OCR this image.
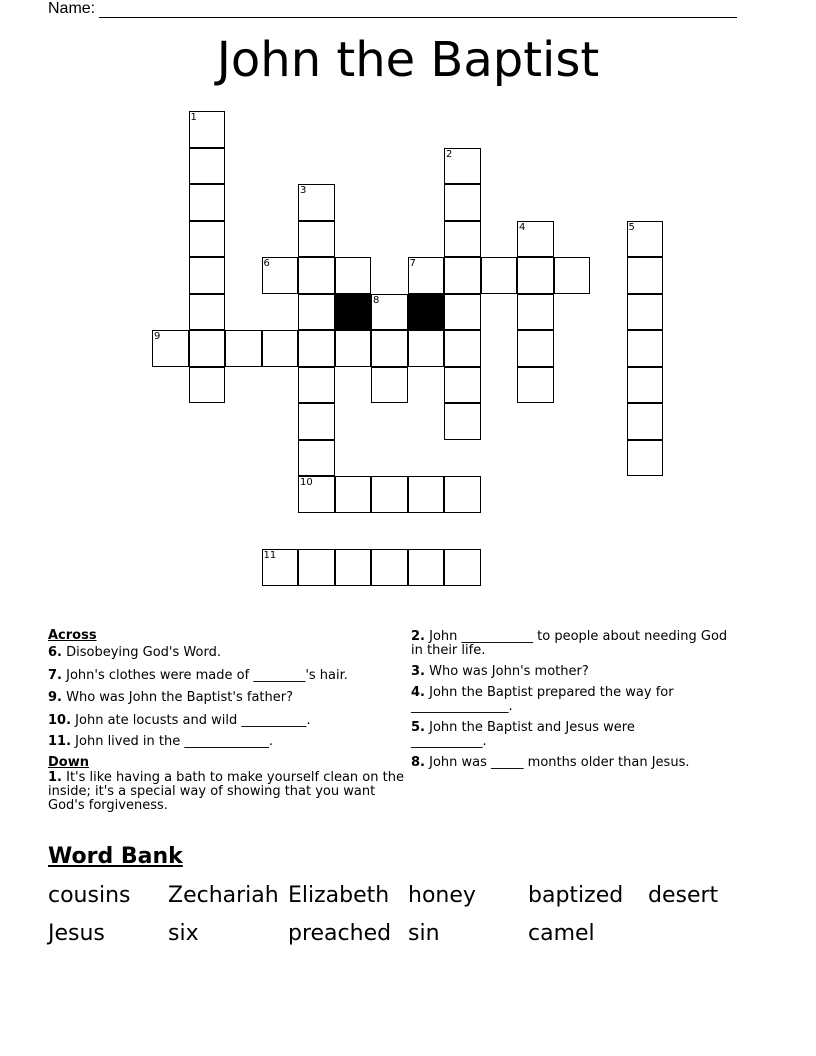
Name:
John the Baptist
1
2
3
4	5
6	7
8
9
10
11
Across
6. Disobeying God's Word.
7. John's clothes were made of ________'s hair.
9. Who was John the Baptist's father?
10. John ate locusts and wild __________.
11. John lived in the _____________.
Down
1. It's like having a bath to make yourself clean on the inside; it's a special way of showing that you want God's forgiveness.
2. John ___________ to people about needing God in their life.
3. Who was John's mother?
4. John the Baptist prepared the way for _______________.
5. John the Baptist and Jesus were ___________.
8. John was _____ months older than Jesus.
Word Bank
cousins Zechariah Elizabeth honey baptized desert
Jesus	six	preached sin	camel
